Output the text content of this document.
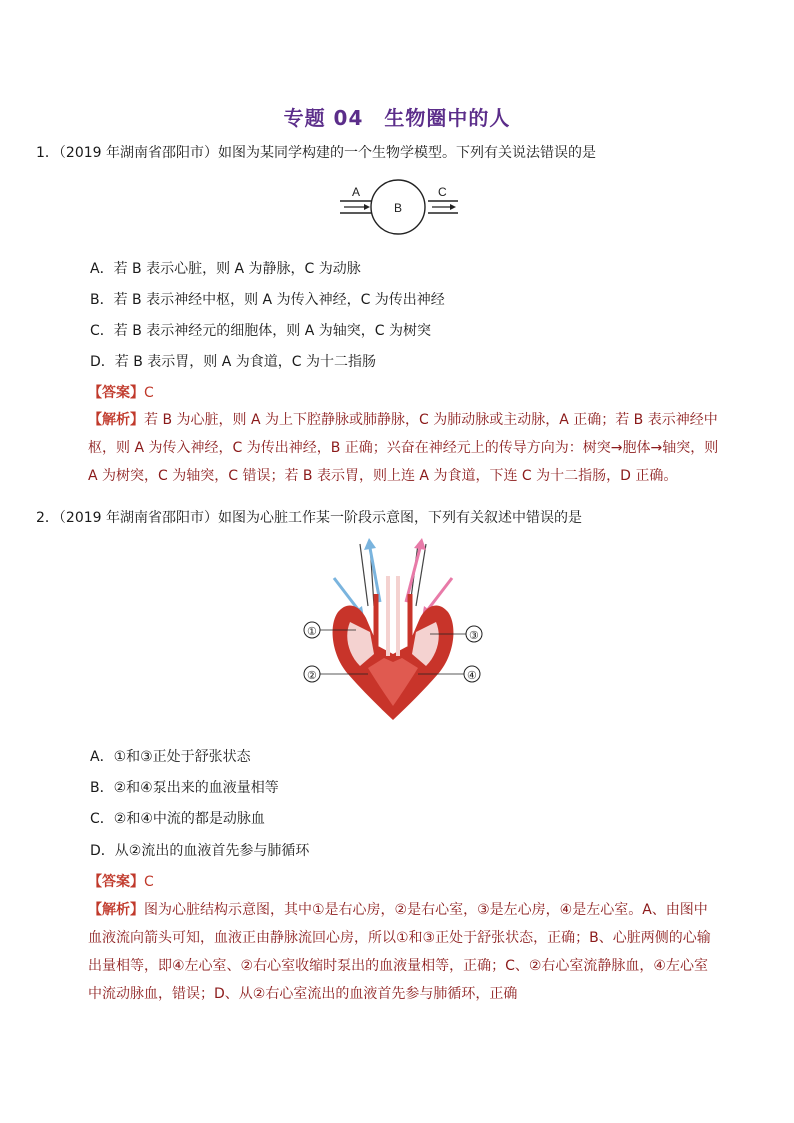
专题 04　生物圈中的人
1．（2019 年湖南省邵阳市）如图为某同学构建的一个生物学模型。下列有关说法错误的是
A
B
C
A．若 B 表示心脏，则 A 为静脉，C 为动脉
B．若 B 表示神经中枢，则 A 为传入神经，C 为传出神经
C．若 B 表示神经元的细胞体，则 A 为轴突，C 为树突
D．若 B 表示胃，则 A 为食道，C 为十二指肠
【答案】C
【解析】若 B 为心脏，则 A 为上下腔静脉或肺静脉，C 为肺动脉或主动脉，A 正确；若 B 表示神经中
枢，则 A 为传入神经，C 为传出神经，B 正确；兴奋在神经元上的传导方向为：树突→胞体→轴突，则
A 为树突，C 为轴突，C 错误；若 B 表示胃，则上连 A 为食道，下连 C 为十二指肠，D 正确。
2．（2019 年湖南省邵阳市）如图为心脏工作某一阶段示意图，下列有关叙述中错误的是
①
②
③
④
A．①和③正处于舒张状态
B．②和④泵出来的血液量相等
C．②和④中流的都是动脉血
D．从②流出的血液首先参与肺循环
【答案】C
【解析】图为心脏结构示意图，其中①是右心房，②是右心室，③是左心房，④是左心室。A、由图中
血液流向箭头可知，血液正由静脉流回心房，所以①和③正处于舒张状态，正确；B、心脏两侧的心输
出量相等，即④左心室、②右心室收缩时泵出的血液量相等，正确；C、②右心室流静脉血，④左心室
中流动脉血，错误；D、从②右心室流出的血液首先参与肺循环，正确
